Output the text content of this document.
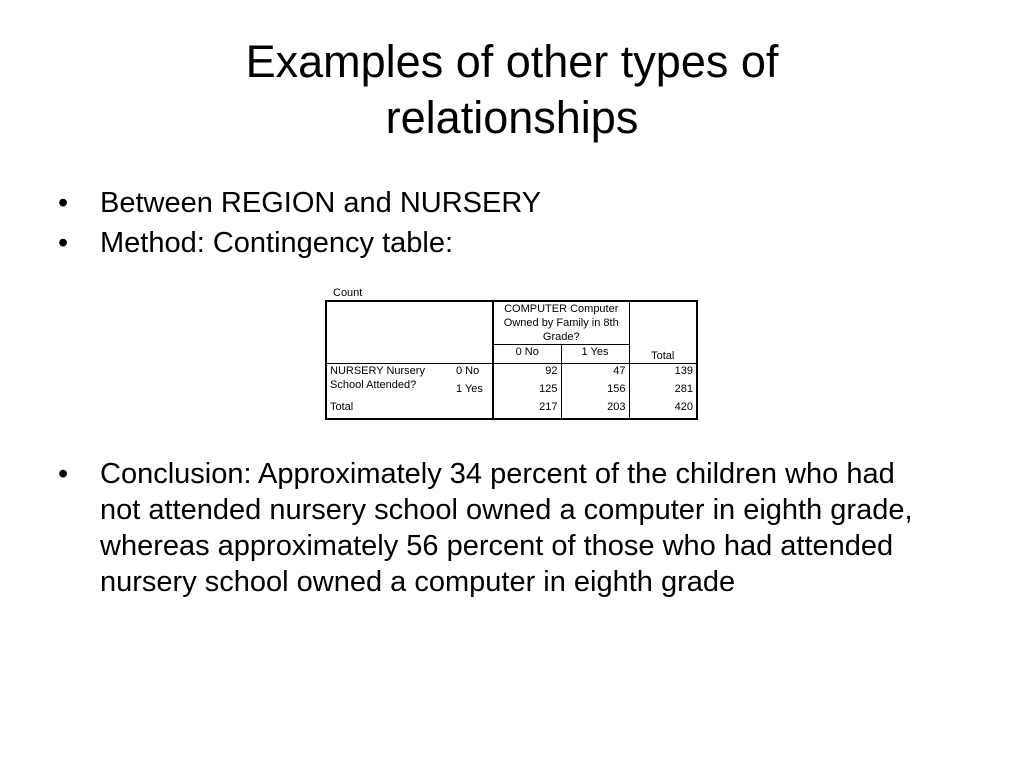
Examples of other types of
relationships
• Between REGION and NURSERY
• Method: Contingency table:
Count
		COMPUTER Computer Owned by Family in 8th Grade?		Total
		0 No	1 Yes	
NURSERY Nursery School Attended?	0 No	92	47	139
	1 Yes	125	156	281
Total		217	203	420
• Conclusion: Approximately 34 percent of the children who had not attended nursery school owned a computer in eighth grade, whereas approximately 56 percent of those who had attended nursery school owned a computer in eighth grade
